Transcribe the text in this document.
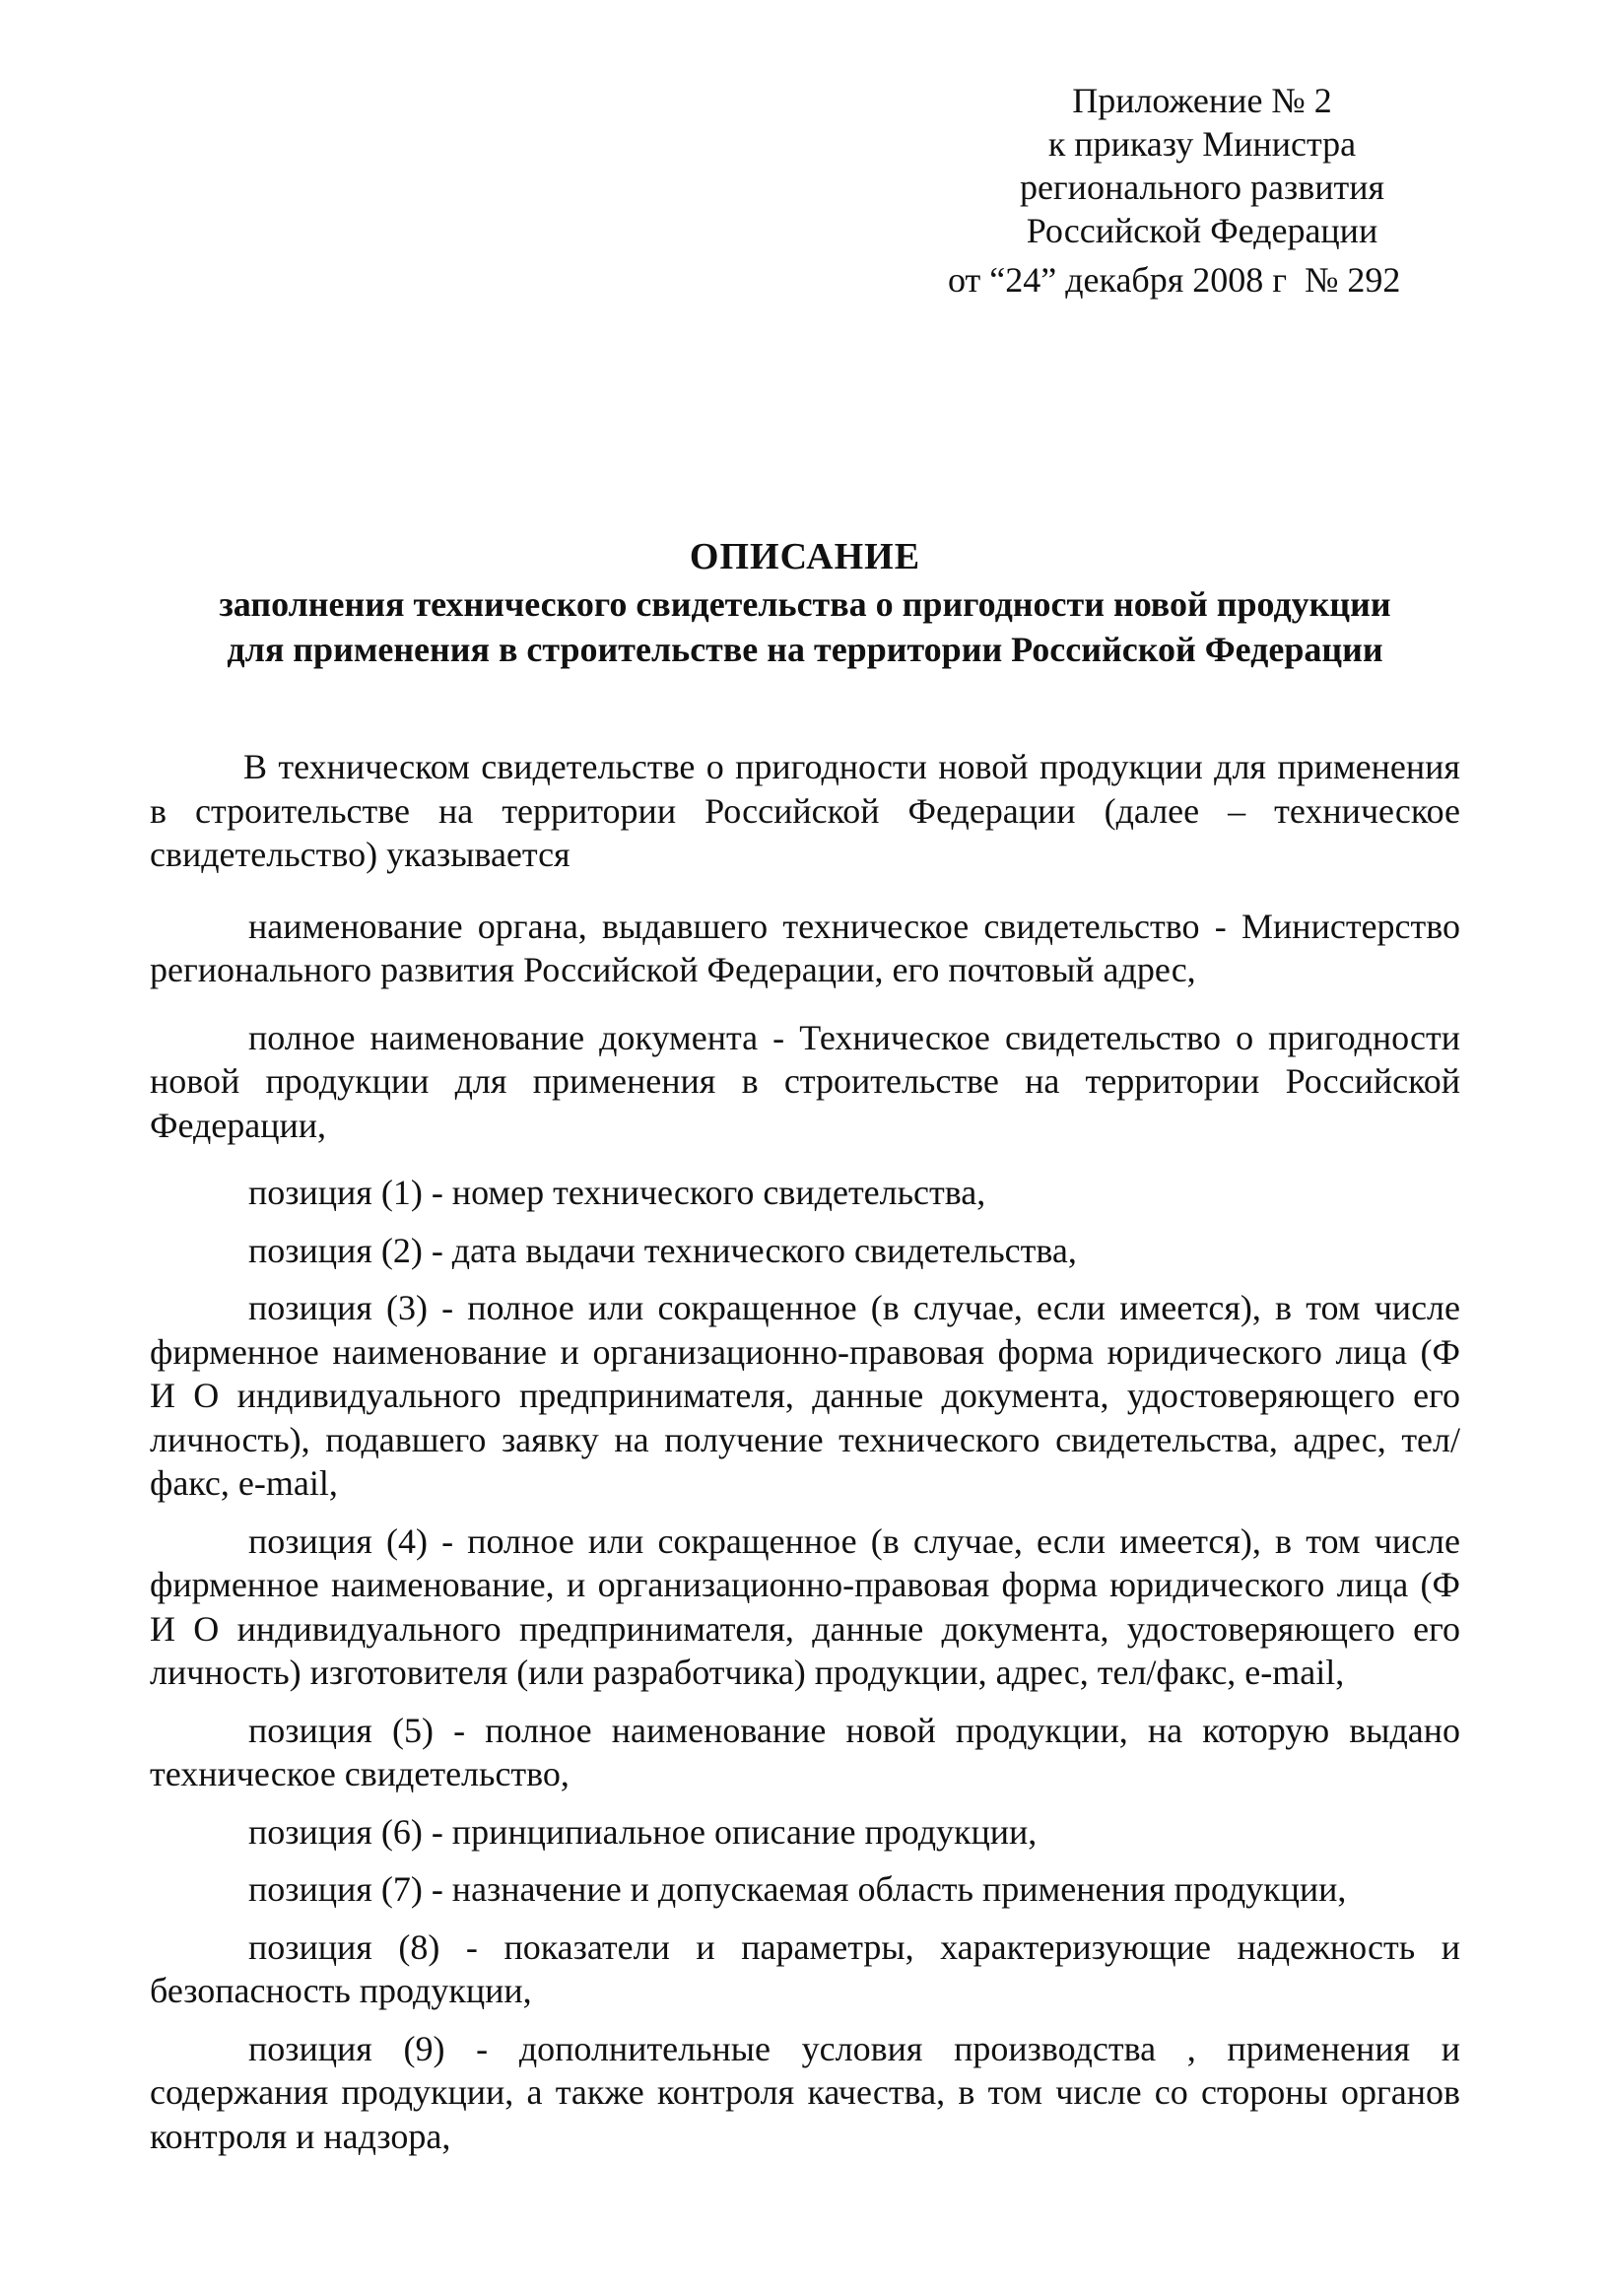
Приложение № 2
к приказу Министра
регионального развития
Российской Федерации
от “24” декабря 2008 г  № 292
ОПИСАНИЕ
заполнения технического свидетельства о пригодности новой продукции
для применения в строительстве на территории Российской Федерации

В техническом свидетельстве о пригодности новой продукции для применения в строительстве на территории Российской Федерации (далее – техническое свидетельство) указывается

наименование органа, выдавшего техническое свидетельство - Министерство регионального развития Российской Федерации, его почтовый адрес,

полное наименование документа - Техническое свидетельство о пригодности новой продукции для применения в строительстве на территории Российской Федерации,

позиция (1) - номер технического свидетельства,

позиция (2) - дата выдачи технического свидетельства,

позиция (3) - полное или сокращенное (в случае, если имеется), в том числе фирменное наименование и организационно-правовая форма юридического лица (Ф И О индивидуального предпринимателя, данные документа, удостоверяющего его личность), подавшего заявку на получение технического свидетельства, адрес, тел/факс, e-mail,

позиция (4) - полное или сокращенное (в случае, если имеется), в том числе фирменное наименование, и организационно-правовая форма юридического лица (Ф И О индивидуального предпринимателя, данные документа, удостоверяющего его личность) изготовителя (или разработчика) продукции, адрес, тел/факс, e-mail,

позиция (5) - полное наименование новой продукции, на которую выдано техническое свидетельство,

позиция (6) - принципиальное описание продукции,

позиция (7) - назначение и допускаемая область применения продукции,

позиция (8) - показатели и параметры, характеризующие надежность и безопасность продукции,

позиция (9) - дополнительные условия производства , применения и содержания продукции, а также контроля качества, в том числе со стороны органов контроля и надзора,
